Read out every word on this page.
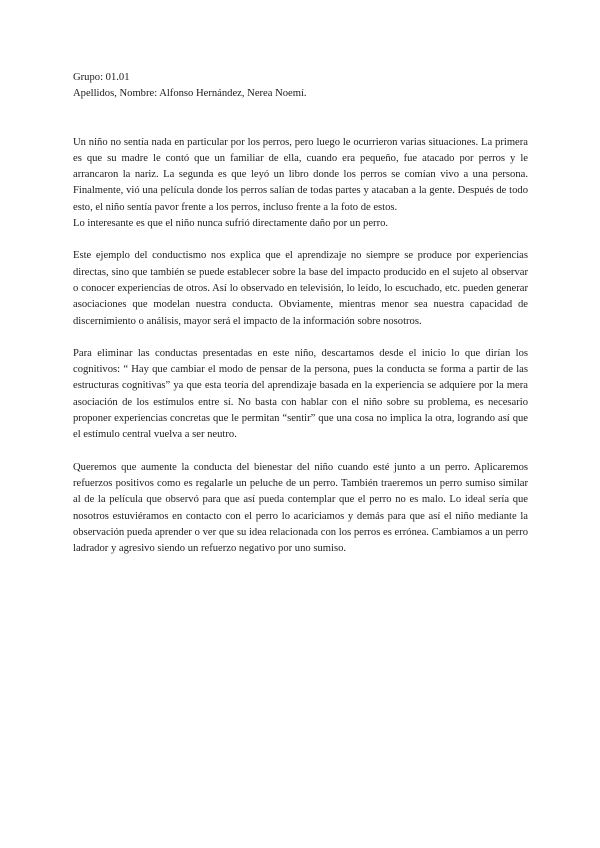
Grupo: 01.01

Apellidos, Nombre: Alfonso Hernández, Nerea Noemí.

Un niño no sentía nada en particular por los perros, pero luego le ocurrieron varias situaciones. La primera es que su madre le contó que un familiar de ella, cuando era pequeño, fue atacado por perros y le arrancaron la nariz. La segunda es que leyó un libro donde los perros se comían vivo a una persona. Finalmente, vió una película donde los perros salían de todas partes y atacaban a la gente. Después de todo esto, el niño sentía pavor frente a los perros, incluso frente a la foto de estos.

Lo interesante es que el niño nunca sufrió directamente daño por un perro.

Este ejemplo del conductismo nos explica que el aprendizaje no siempre se produce por experiencias directas, sino que también se puede establecer sobre la base del impacto producido en el sujeto al observar o conocer experiencias de otros. Así lo observado en televisión, lo leído, lo escuchado, etc. pueden generar asociaciones que modelan nuestra conducta. Obviamente, mientras menor sea nuestra capacidad de discernimiento o análisis, mayor será el impacto de la información sobre nosotros.

Para eliminar las conductas presentadas en este niño, descartamos desde el inicio lo que dirían los cognitivos: “ Hay que cambiar el modo de pensar de la persona, pues la conducta se forma a partir de las estructuras cognitivas” ya que esta teoría del aprendizaje basada en la experiencia se adquiere por la mera asociación de los estímulos entre sí. No basta con hablar con el niño sobre su problema, es necesario proponer experiencias concretas que le permitan “sentir” que una cosa no implica la otra, logrando así que el estímulo central vuelva a ser neutro.

Queremos que aumente la conducta del bienestar del niño cuando esté junto a un perro. Aplicaremos refuerzos positivos como es regalarle un peluche de un perro. También traeremos un perro sumiso similar al de la película que observó para que así pueda contemplar que el perro no es malo. Lo ideal sería que nosotros estuviéramos en contacto con el perro lo acariciamos y demás para que así el niño mediante la observación pueda aprender o ver que su idea relacionada con los perros es errónea. Cambiamos a un perro ladrador y agresivo siendo un refuerzo negativo por uno sumiso.
